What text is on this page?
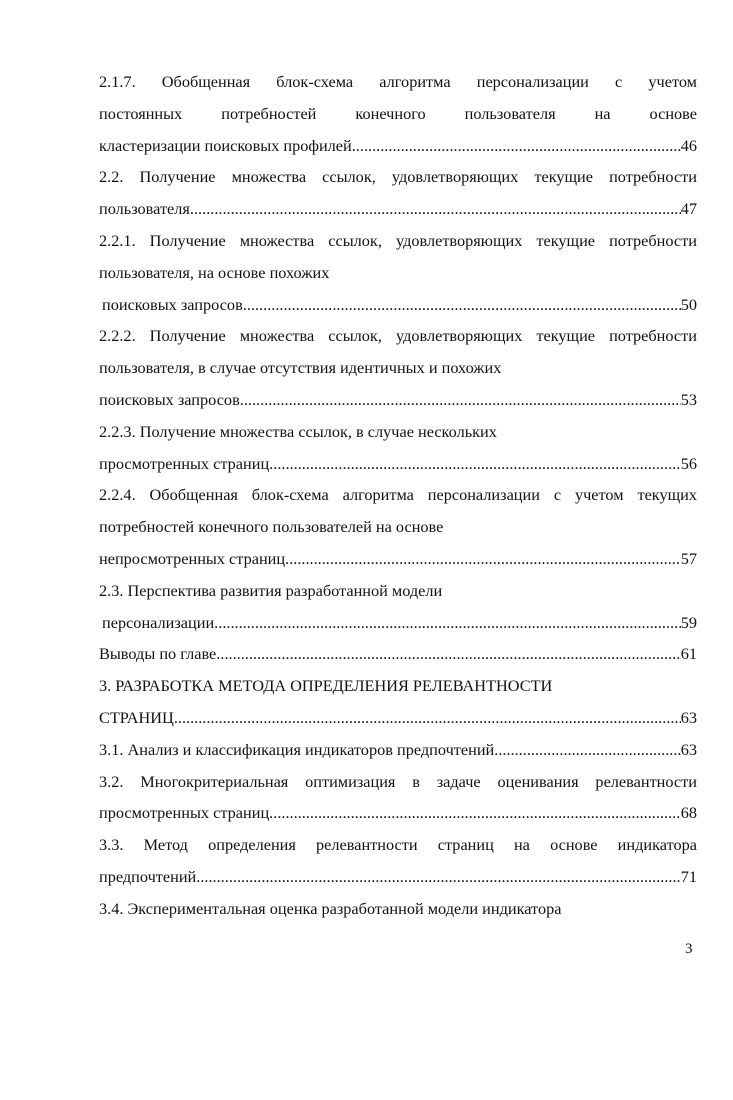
2.1.7. Обобщенная блок-схема алгоритма персонализации с учетом
постоянных потребностей конечного пользователя на основе
кластеризации поисковых профилей .....	46
2.2. Получение множества ссылок, удовлетворяющих текущие потребности
пользователя .....	47
2.2.1. Получение множества ссылок, удовлетворяющих текущие потребности
пользователя, на основе похожих
поисковых запросов .....	50
2.2.2. Получение множества ссылок, удовлетворяющих текущие потребности
пользователя, в случае отсутствия идентичных и похожих
поисковых запросов .....	53
2.2.3. Получение множества ссылок, в случае нескольких
просмотренных страниц .....	56
2.2.4. Обобщенная блок-схема алгоритма персонализации с учетом текущих
потребностей конечного пользователей на основе
непросмотренных страниц. .....	57
2.3. Перспектива развития разработанной модели
персонализации .....	59
Выводы по главе .....	61
3. РАЗРАБОТКА МЕТОДА ОПРЕДЕЛЕНИЯ РЕЛЕВАНТНОСТИ
СТРАНИЦ .....	63
3.1. Анализ и классификация индикаторов предпочтений .....	63
3.2. Многокритериальная оптимизация в задаче оценивания релевантности
просмотренных страниц .....	68
3.3. Метод определения релевантности страниц на основе индикатора
предпочтений .....	71
3.4. Экспериментальная оценка разработанной модели индикатора
3
